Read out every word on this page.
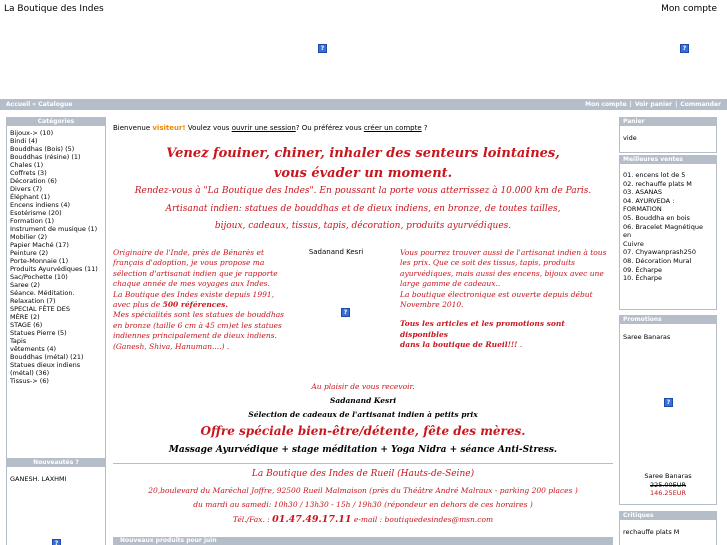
La Boutique des Indes	Mon compte
?	?
Accueil » Catalogue	Mon compte | Voir panier | Commander
Catégories
Bijoux-> (10)
Bindi (4)
Bouddhas (Bois) (5)
Bouddhas (résine) (1)
Chales (1)
Coffrets (3)
Décoration (6)
Divers (7)
Éléphant (1)
Encens indiens (4)
Esotérisme (20)
Formation (1)
Instrument de musique (1)
Mobilier (2)
Papier Maché (17)
Peinture (2)
Porte-Monnaie (1)
Produits Ayurvédiques (11)
Sac/Pochette (10)
Saree (2)
Séance. Méditation.
Relaxation (7)
SPECIAL FÊTE DES
MÈRE (2)
STAGE (6)
Statues Pierre (5)
Tapis
vêtements (4)
Bouddhas (métal) (21)
Statues dieux indiens
(métal) (36)
Tissus-> (6)
Nouveautés ?
GANESH. LAXHMI
?
Bienvenue visiteur! Voulez vous ouvrir une session? Ou préférez vous créer un compte ?
Venez fouiner, chiner, inhaler des senteurs lointaines,
vous évader un moment.
Rendez-vous à "La Boutique des Indes". En poussant la porte vous atterrissez à 10.000 km de Paris.
Artisanat indien: statues de bouddhas et de dieux indiens, en bronze, de toutes tailles,
bijoux, cadeaux, tissus, tapis, décoration, produits ayurvédiques.
Originaire de l'Inde, près de Bénarès et
français d'adoption, je vous propose ma
sélection d'artisanat indien que je rapporte
chaque année de mes voyages aux Indes.
La Boutique des Indes existe depuis 1991,
avec plus de 500 références.
Mes spécialités sont les statues de bouddhas
en bronze (taille 6 cm à 45 cm)et les statues
indiennes principalement de dieux indiens.
(Ganesh, Shiva, Hanuman....) .
Sadanand Kesri
?
Vous pourrez trouver aussi de l'artisanat indien à tous
les prix. Que ce soit des tissus, tapis, produits
ayurvédiques, mais aussi des encens, bijoux avec une
large gamme de cadeaux..
La boutique électronique est ouverte depuis début
Novembre 2010.
Tous les articles et les promotions sont disponibles
dans la boutique de Rueil!!! .
Au plaisir de vous recevoir.
Sadanand Kesri
Sélection de cadeaux de l'artisanat indien à petits prix
Offre spéciale bien-être/détente, fête des mères.
Massage Ayurvédique + stage méditation + Yoga Nidra + séance Anti-Stress.
La Boutique des Indes de Rueil (Hauts-de-Seine)
20,boulevard du Maréchal Joffre, 92500 Rueil Malmaison (près du Théâtre André Malraux - parking 200 places )
du mardi au samedi: 10h30 / 13h30 - 15h / 19h30 (répondeur en dehors de ces horaires )
Tél./Fax. : 01.47.49.17.11 e-mail : boutiquedesindes@msn.com
Nouveaux produits pour juin
Panier
vide
Meilleures ventes
01. encens lot de 5
02. rechauffe plats M
03. ASANAS
04. AYURVEDA :
FORMATION
05. Bouddha en bois
06. Bracelet Magnétique en
Cuivre
07. Chyawanprash250
08. Décoration Mural
09. Écharpe
10. Écharpe
Promotions
Saree Banaras
?
Saree Banaras
225.00EUR
146.25EUR
Critiques
rechauffe plats M
